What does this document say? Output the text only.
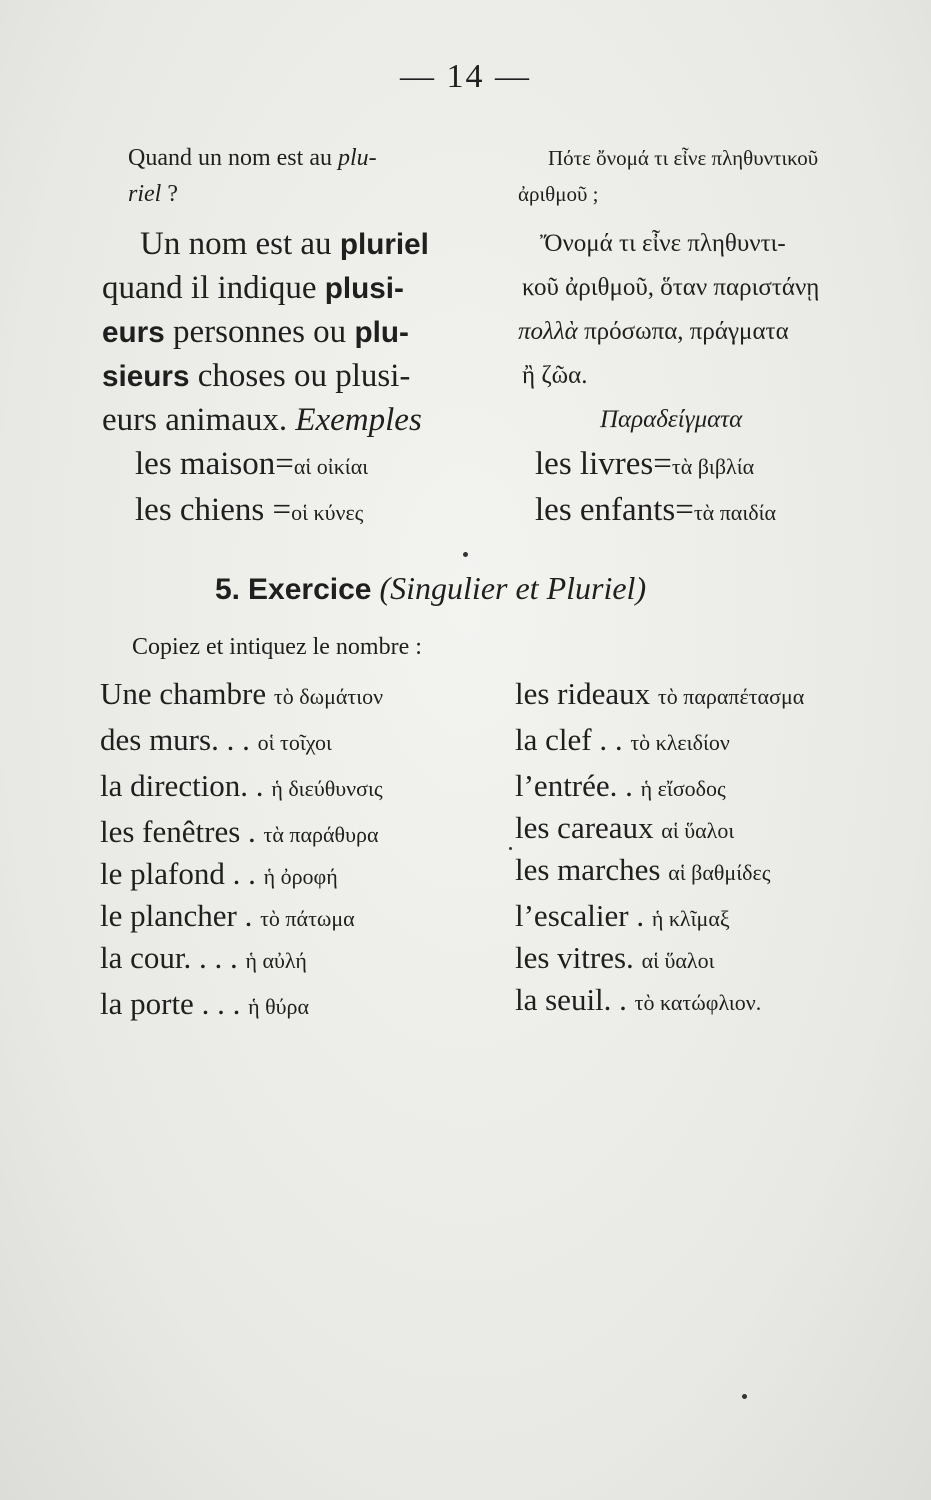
— 14 —
Quand un nom est au plu-
riel ?
Πότε ὄνομά τι εἶνε πληθυντικοῦ
ἀριθμοῦ ;
Un nom est au pluriel
quand il indique plusi-
eurs personnes ou plu-
sieurs choses ou plusi-
eurs animaux. Exemples
les maison=αἱ οἰκίαι
les chiens =οἱ κύνες
Ὄνομά τι εἶνε πληθυντι-
κοῦ ἀριθμοῦ, ὅταν παριστάνῃ
πολλὰ πρόσωπα, πράγματα
ἢ ζῶα.
Παραδείγματα
les livres=τὰ βιβλία
les enfants=τὰ παιδία
5. Exercice (Singulier et Pluriel)
Copiez et intiquez le nombre :
Une chambre τὸ δωμάτιον
des murs. . . οἱ τοῖχοι
la direction. . ἡ διεύθυνσις
les fenêtres . τὰ παράθυρα
le plafond . . ἡ ὀροφή
le plancher . τὸ πάτωμα
la cour. . . . ἡ αὐλή
la porte . . . ἡ θύρα
les rideaux τὸ παραπέτασμα
la clef . . τὸ κλειδίον
l’entrée. . ἡ εἴσοδος
les careaux αἱ ὕαλοι
les marches αἱ βαθμίδες
l’escalier . ἡ κλῖμαξ
les vitres. αἱ ὕαλοι
la seuil. . τὸ κατώφλιον.
